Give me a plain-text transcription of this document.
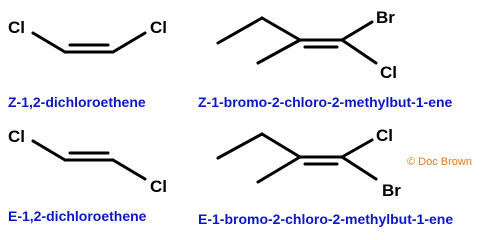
Cl	Cl
Z-1,2-dichloroethene
Br
Cl
Z-1-bromo-2-chloro-2-methylbut-1-ene
Cl
Cl
E-1,2-dichloroethene
Cl
Br
E-1-bromo-2-chloro-2-methylbut-1-ene
© Doc Brown
